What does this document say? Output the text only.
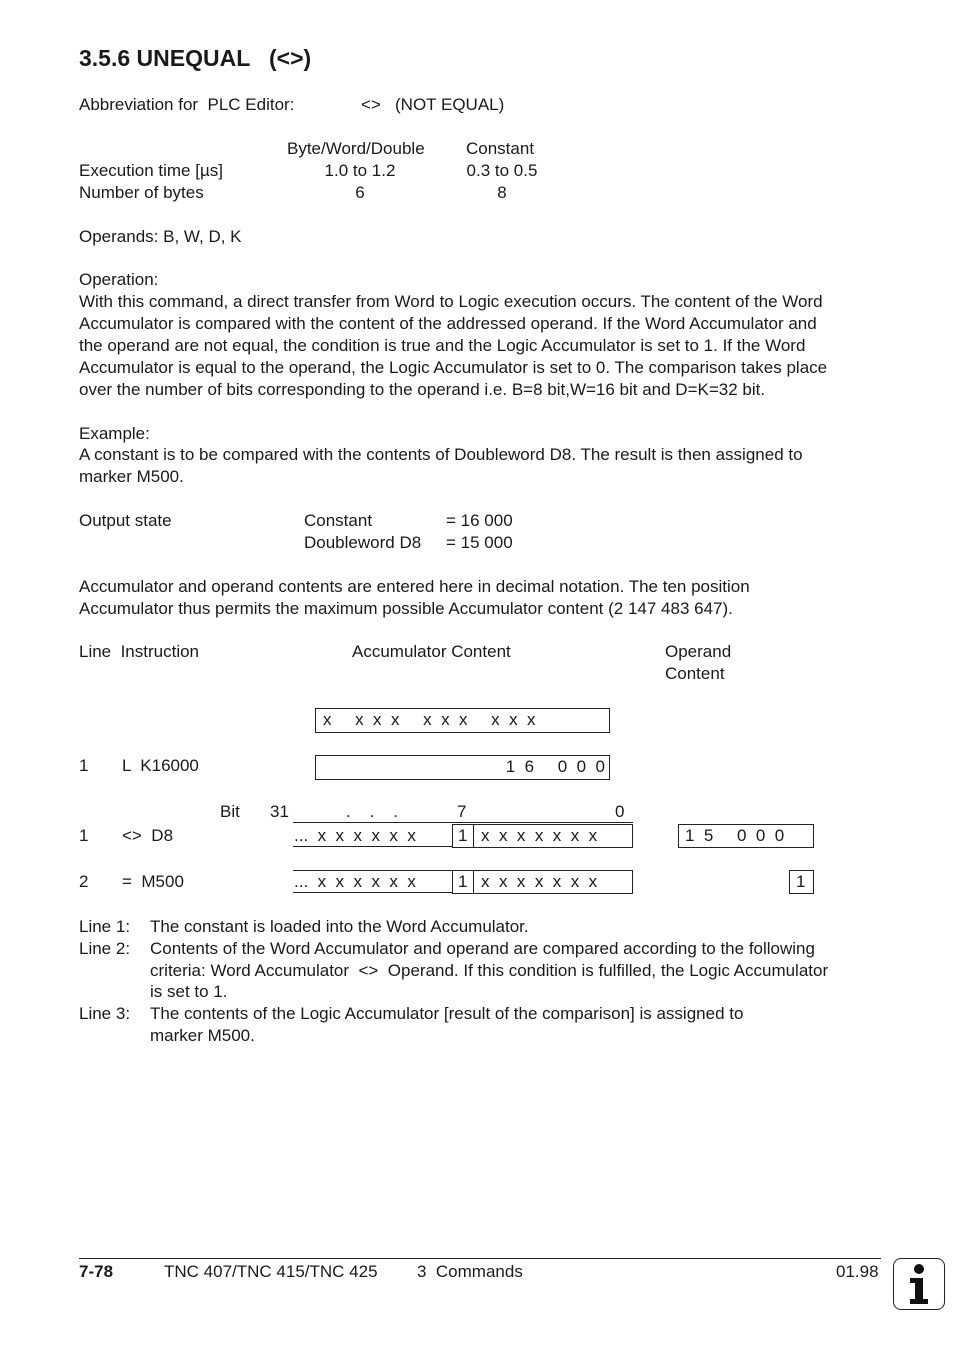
3.5.6 UNEQUAL   (<>)
Abbreviation for  PLC Editor:	<>   (NOT EQUAL)
Byte/Word/Double Constant
Execution time [µs]	1.0 to 1.2	0.3 to 0.5
Number of bytes	6	8
Operands: B, W, D, K
Operation:
With this command, a direct transfer from Word to Logic execution occurs. The content of the Word
Accumulator is compared with the content of the addressed operand. If the Word Accumulator and
the operand are not equal, the condition is true and the Logic Accumulator is set to 1. If the Word
Accumulator is equal to the operand, the Logic Accumulator is set to 0. The comparison takes place
over the number of bits corresponding to the operand i.e. B=8 bit,W=16 bit and D=K=32 bit.
Example:
A constant is to be compared with the contents of Doubleword D8. The result is then assigned to
marker M500.
Output state	Constant	= 16 000
Doubleword D8 = 15 000
Accumulator and operand contents are entered here in decimal notation. The ten position
Accumulator thus permits the maximum possible Accumulator content (2 147 483 647).
Line  Instruction	Accumulator Content	Operand
Content
x     x  x  x     x  x  x     x  x  x
1 L  K16000	1  6     0  0  0
Bit 31	.    .    .	7	0
1 <>  D8	...  x  x  x  x  x  x 1 x  x  x  x  x  x  x	1  5     0  0  0
2 =  M500	...  x  x  x  x  x  x 1 x  x  x  x  x  x  x	1
Line 1: The constant is loaded into the Word Accumulator.
Line 2: Contents of the Word Accumulator and operand are compared according to the following
criteria: Word Accumulator  <>  Operand. If this condition is fulfilled, the Logic Accumulator
is set to 1.
Line 3: The contents of the Logic Accumulator [result of the comparison] is assigned to
marker M500.
7-78	TNC 407/TNC 415/TNC 425 3  Commands	01.98
